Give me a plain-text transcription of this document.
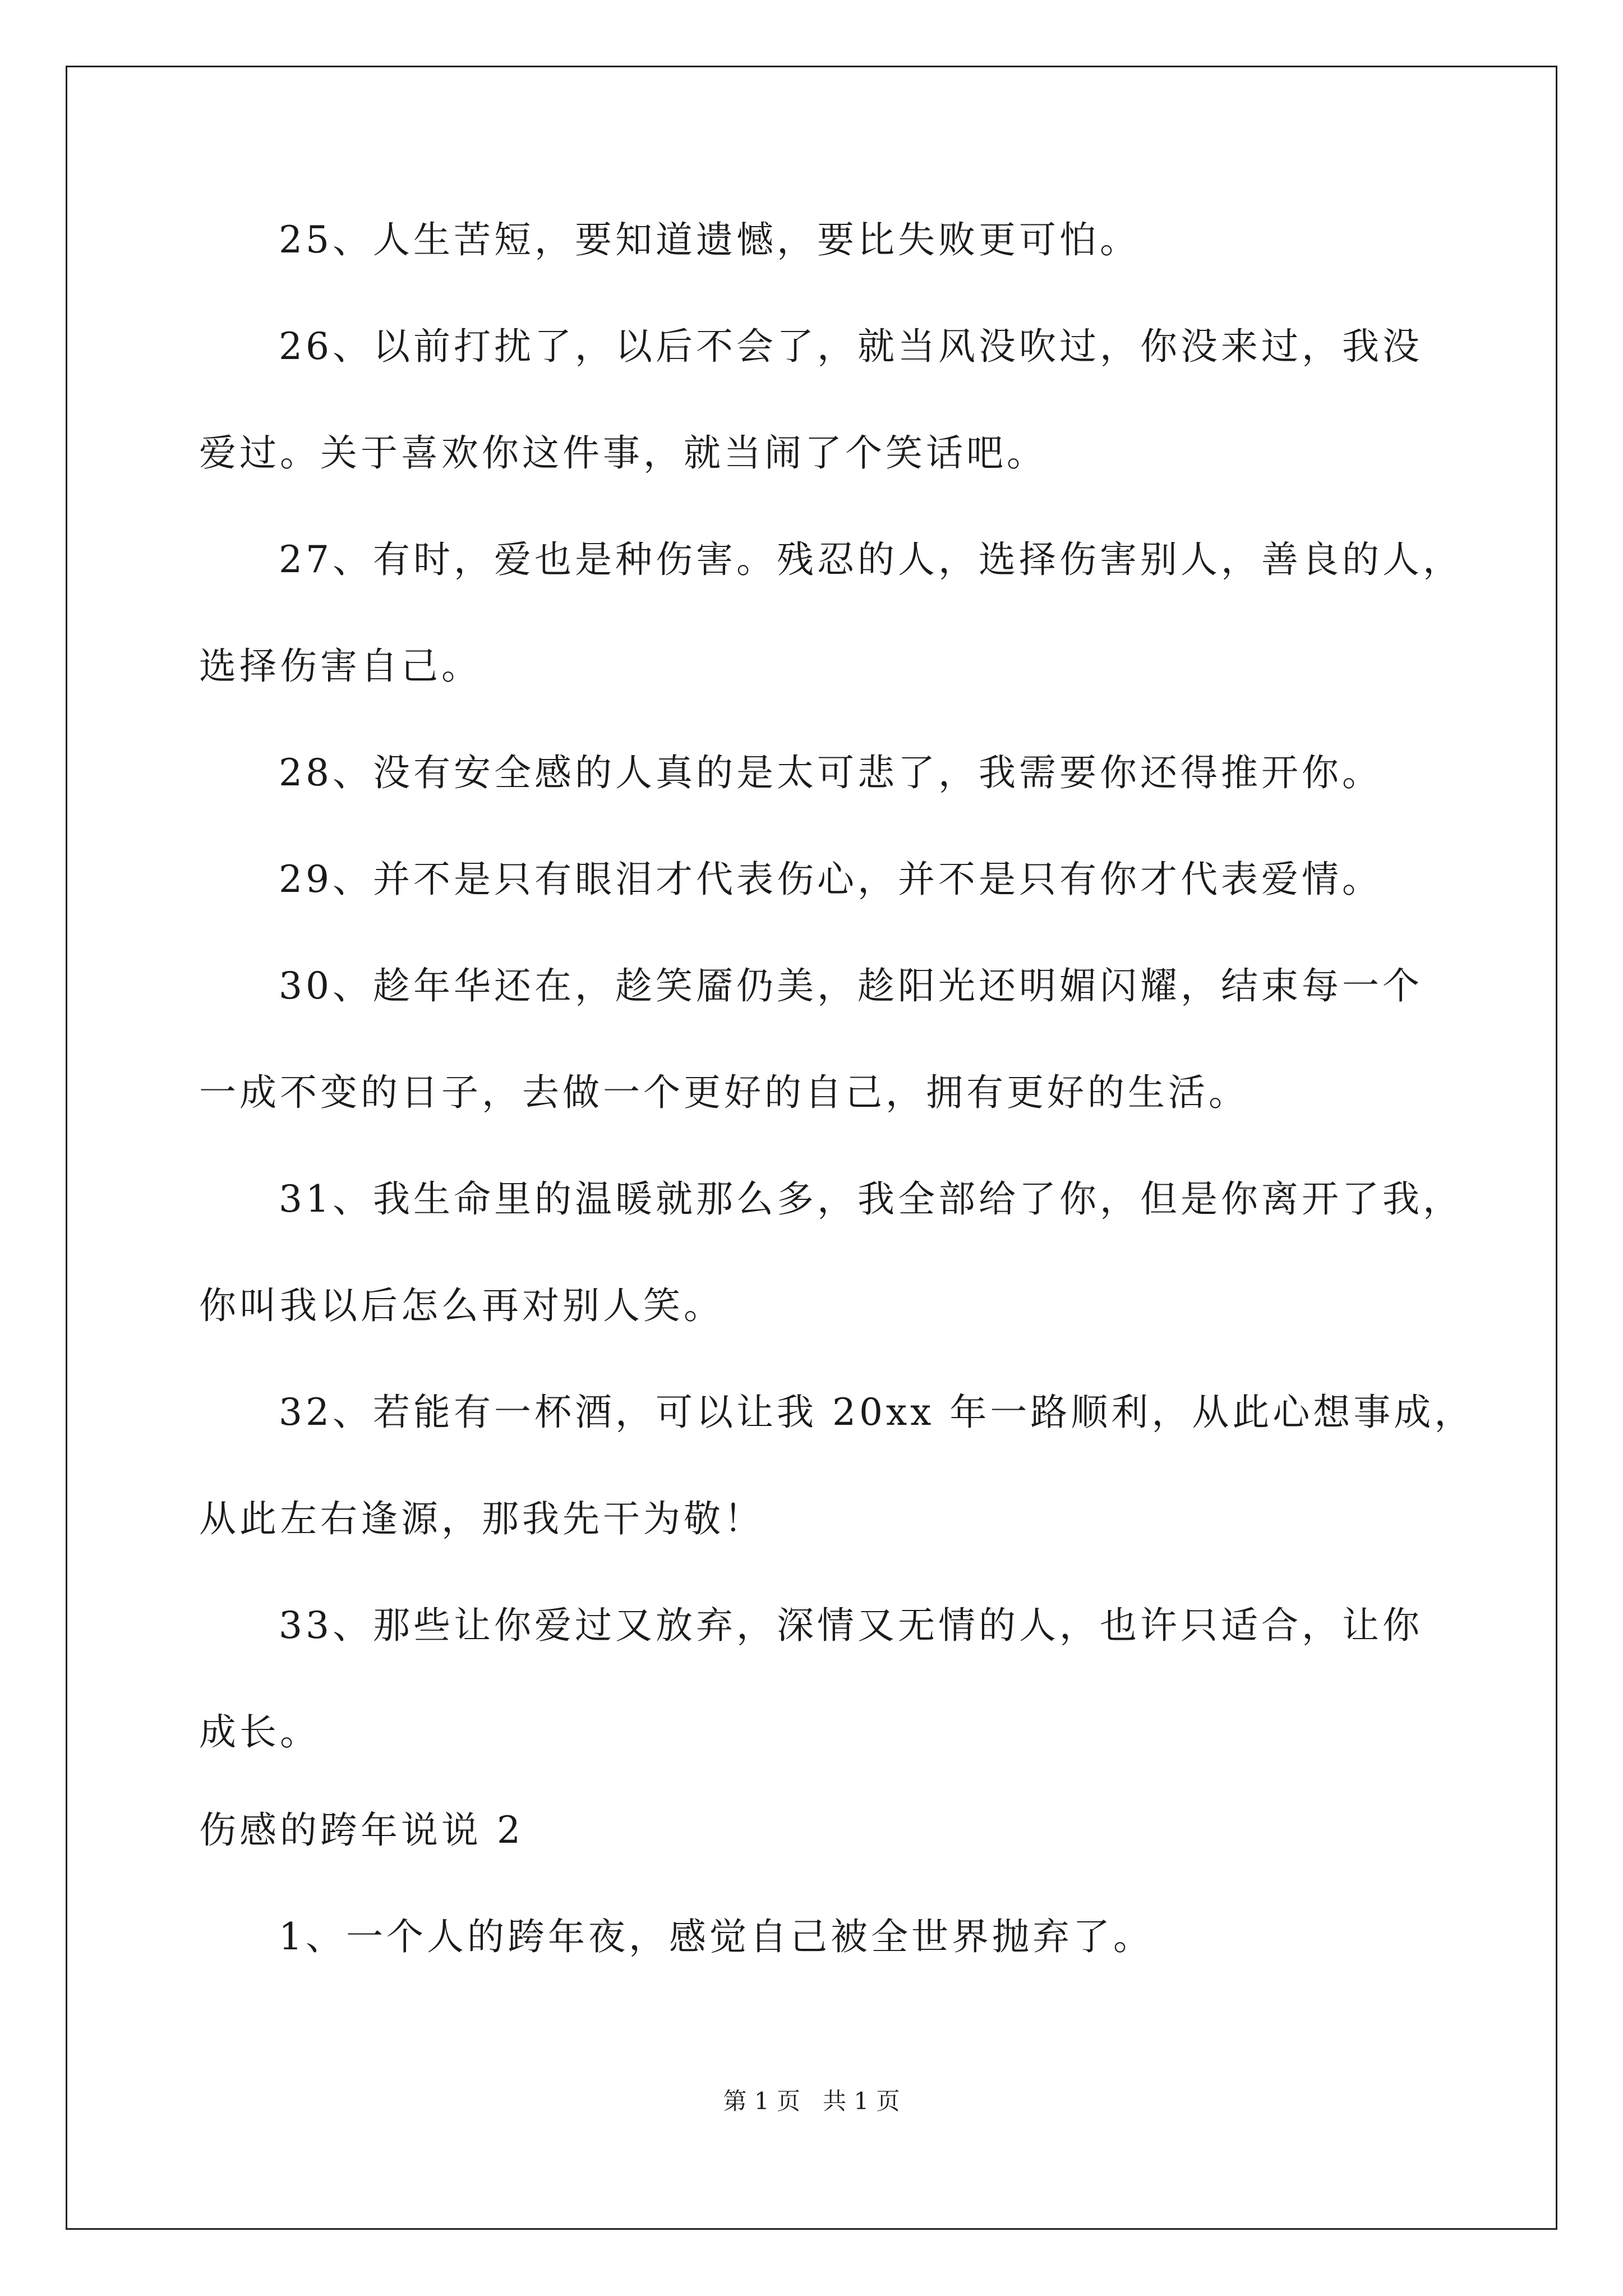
25、人生苦短，要知道遗憾，要比失败更可怕。
26、以前打扰了，以后不会了，就当风没吹过，你没来过，我没
爱过。关于喜欢你这件事，就当闹了个笑话吧。
27、有时，爱也是种伤害。残忍的人，选择伤害别人，善良的人，
选择伤害自己。
28、没有安全感的人真的是太可悲了，我需要你还得推开你。
29、并不是只有眼泪才代表伤心，并不是只有你才代表爱情。
30、趁年华还在，趁笑靥仍美，趁阳光还明媚闪耀，结束每一个
一成不变的日子，去做一个更好的自己，拥有更好的生活。
31、我生命里的温暖就那么多，我全部给了你，但是你离开了我，
你叫我以后怎么再对别人笑。
32、若能有一杯酒，可以让我 20xx 年一路顺利，从此心想事成，
从此左右逢源，那我先干为敬！
33、那些让你爱过又放弃，深情又无情的人，也许只适合，让你
成长。
伤感的跨年说说 2
1、一个人的跨年夜，感觉自己被全世界抛弃了。
第 1 页   共 1 页
